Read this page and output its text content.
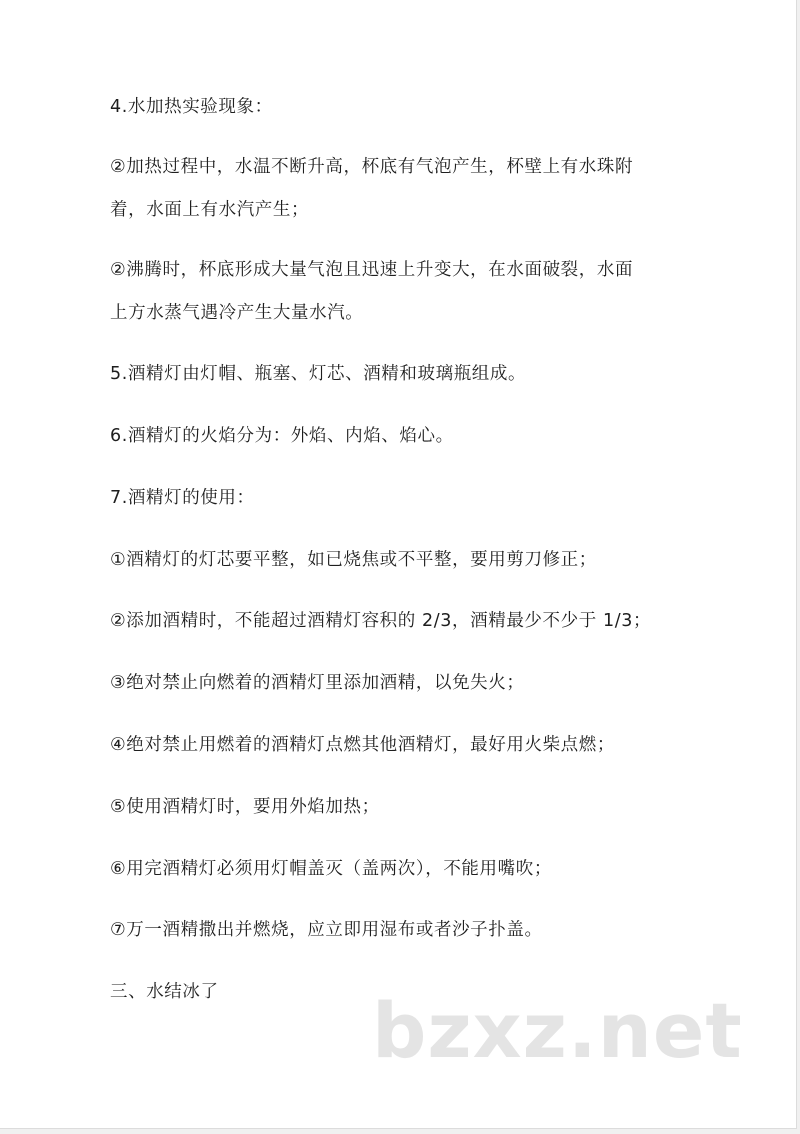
4.水加热实验现象：

②加热过程中，水温不断升高，杯底有气泡产生，杯壁上有水珠附

着，水面上有水汽产生；

②沸腾时，杯底形成大量气泡且迅速上升变大，在水面破裂，水面

上方水蒸气遇冷产生大量水汽。

5.酒精灯由灯帽、瓶塞、灯芯、酒精和玻璃瓶组成。

6.酒精灯的火焰分为：外焰、内焰、焰心。

7.酒精灯的使用：

①酒精灯的灯芯要平整，如已烧焦或不平整，要用剪刀修正；

②添加酒精时，不能超过酒精灯容积的 2/3，酒精最少不少于 1/3；

③绝对禁止向燃着的酒精灯里添加酒精，以免失火；

④绝对禁止用燃着的酒精灯点燃其他酒精灯，最好用火柴点燃；

⑤使用酒精灯时，要用外焰加热；

⑥用完酒精灯必须用灯帽盖灭（盖两次），不能用嘴吹；

⑦万一酒精撒出并燃烧，应立即用湿布或者沙子扑盖。

三、水结冰了 bzxz.net
